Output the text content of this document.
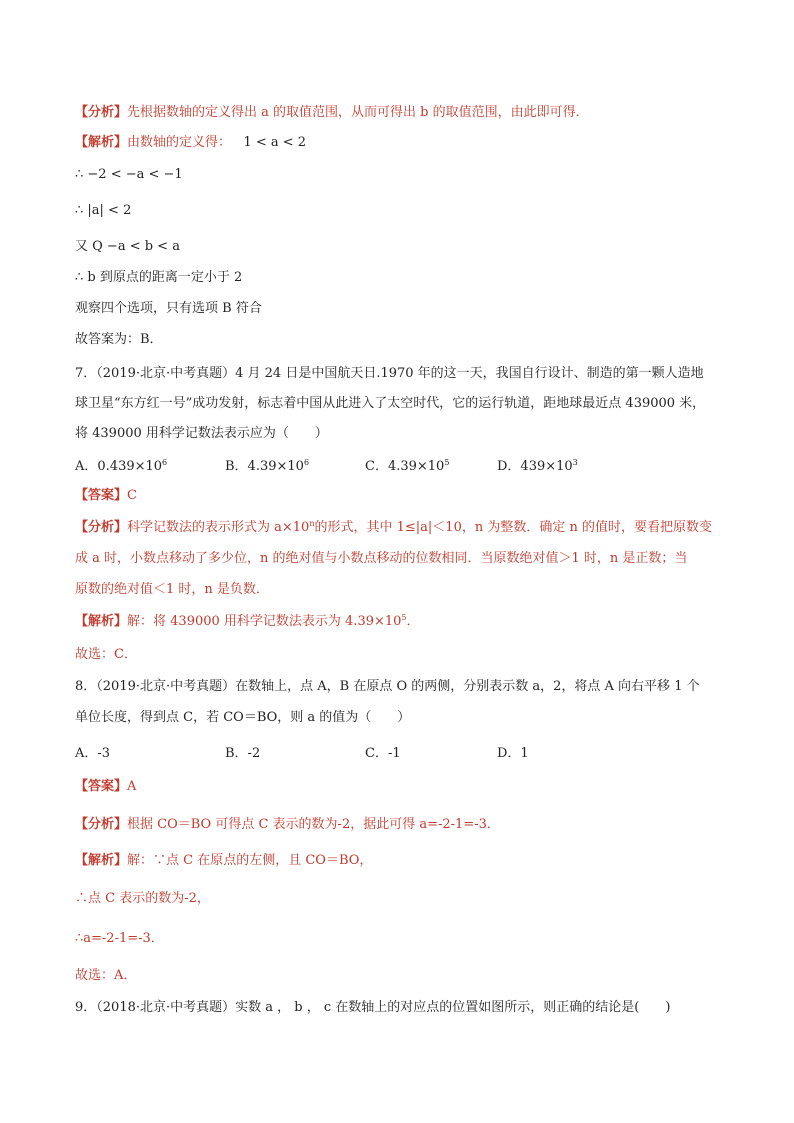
【分析】先根据数轴的定义得出 a 的取值范围，从而可得出 b 的取值范围，由此即可得．
【解析】由数轴的定义得： 1 < a < 2
∴ −2 < −a < −1
∴ |a| < 2
又 Q −a < b < a
∴ b 到原点的距离一定小于 2
观察四个选项，只有选项 B 符合
故答案为：B．
7．（2019·北京·中考真题）4 月 24 日是中国航天日.1970 年的这一天，我国自行设计、制造的第一颗人造地
球卫星“东方红一号”成功发射，标志着中国从此进入了太空时代，它的运行轨道，距地球最近点 439000 米，
将 439000 用科学记数法表示应为（　　）
A．$0.439\times 10^6$	B．$4.39\times 10^6$	C．$4.39\times 10^5$	D．$439\times 10^3$
【答案】C
【分析】科学记数法的表示形式为 $a\times 10^n$的形式，其中 1≤|a|＜10，n 为整数．确定 n 的值时，要看把原数变
成 a 时，小数点移动了多少位，n 的绝对值与小数点移动的位数相同．当原数绝对值＞1 时，n 是正数；当
原数的绝对值＜1 时，n 是负数．
【解析】解：将 439000 用科学记数法表示为 $4.39\times 10^5$．
故选：C．
8．（2019·北京·中考真题）在数轴上，点 A，B 在原点 O 的两侧，分别表示数 a，2，将点 A 向右平移 1 个
单位长度，得到点 C，若 CO＝BO，则 a 的值为（　　）
A．-3	B．-2	C．-1	D．1
【答案】A
【分析】根据 CO＝BO 可得点 C 表示的数为-2，据此可得 a=-2-1=-3．
【解析】解：∵点 C 在原点的左侧，且 CO＝BO，
∴点 C 表示的数为-2，
∴a=-2-1=-3．
故选：A．
9．（2018·北京·中考真题）实数 a ， b ， c 在数轴上的对应点的位置如图所示，则正确的结论是(　　)
